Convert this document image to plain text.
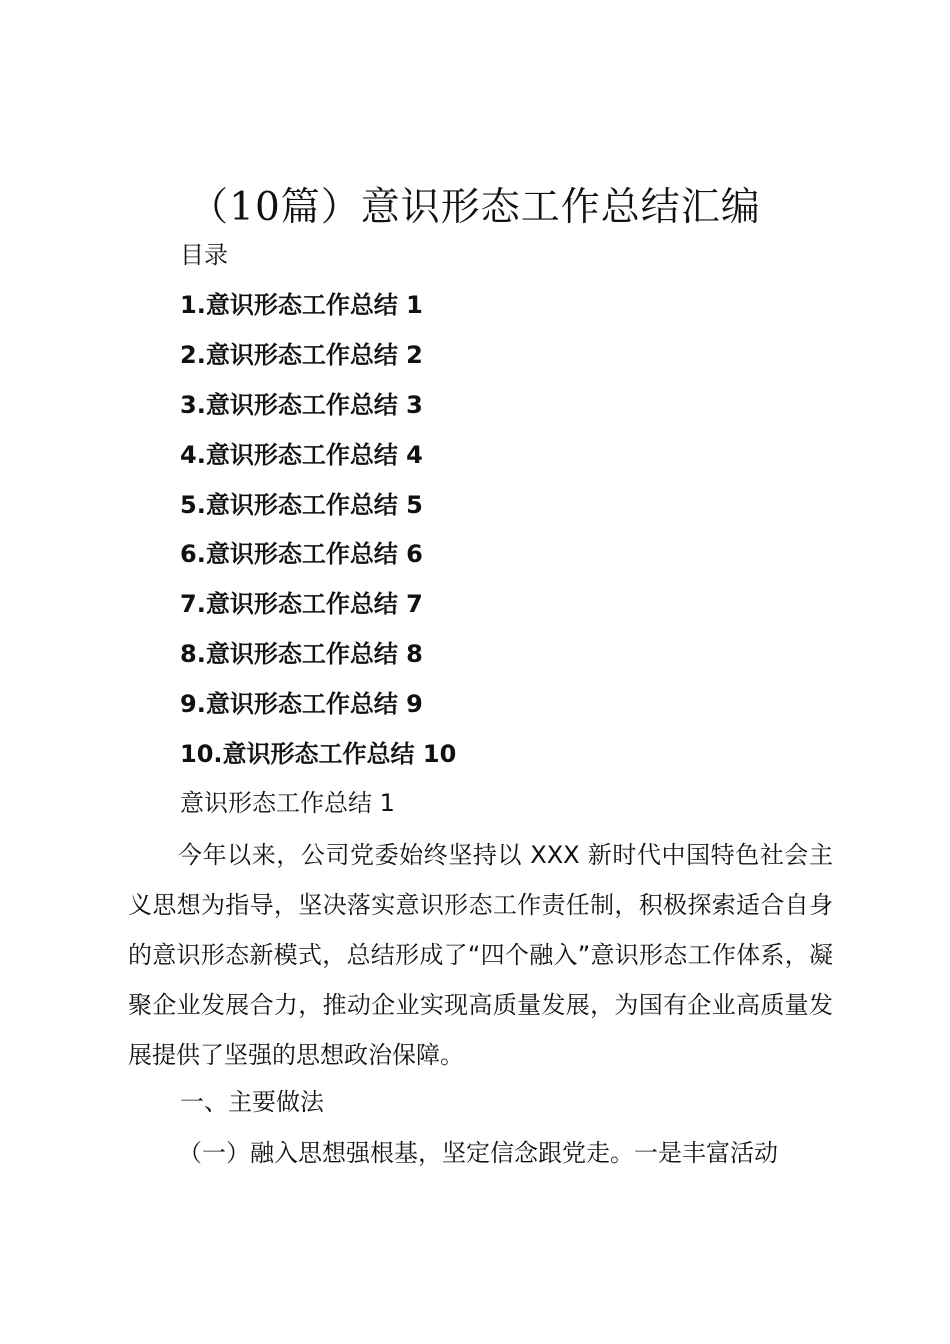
（10篇）意识形态工作总结汇编
目录
1.意识形态工作总结 1
2.意识形态工作总结 2
3.意识形态工作总结 3
4.意识形态工作总结 4
5.意识形态工作总结 5
6.意识形态工作总结 6
7.意识形态工作总结 7
8.意识形态工作总结 8
9.意识形态工作总结 9
10.意识形态工作总结 10
意识形态工作总结 1

今年以来，公司党委始终坚持以 XXX 新时代中国特色社会主义思想为指导，坚决落实意识形态工作责任制，积极探索适合自身的意识形态新模式，总结形成了“四个融入”意识形态工作体系，凝聚企业发展合力，推动企业实现高质量发展，为国有企业高质量发展提供了坚强的思想政治保障。

一、主要做法

（一）融入思想强根基，坚定信念跟党走。一是丰富活动
